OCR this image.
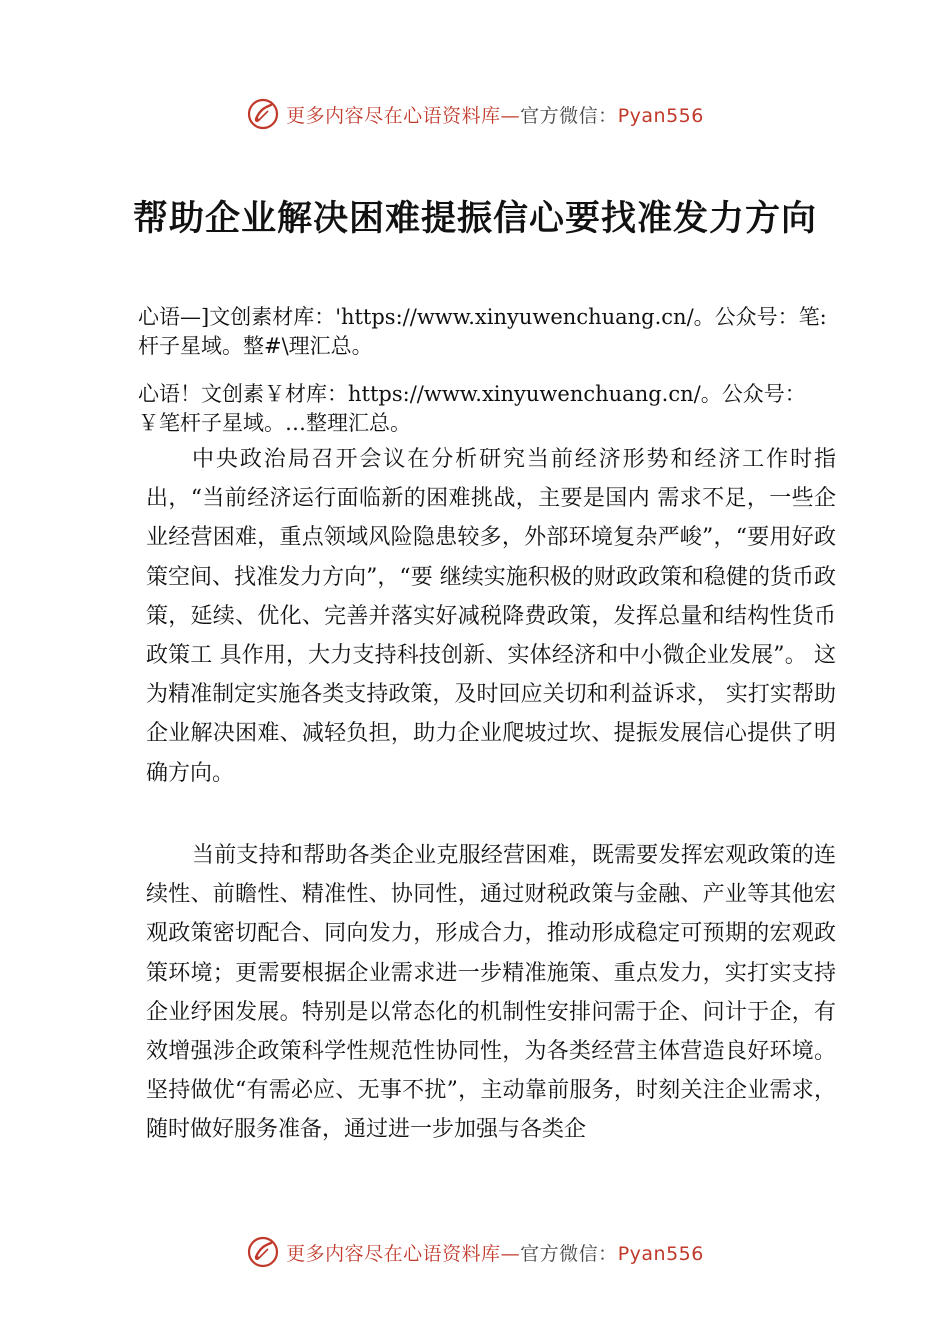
更多内容尽在心语资料库—官方微信：Pyan556
帮助企业解决困难提振信心要找准发力方向
心语—]文创素材库：'https://www.xinyuwenchuang.cn/。公众号：笔:杆子星域。整#\理汇总。
心语！文创素￥材库：https://www.xinyuwenchuang.cn/。公众号：￥笔杆子星域。…整理汇总。
中央政治局召开会议在分析研究当前经济形势和经济工作时指出，“当前经济运行面临新的困难挑战，主要是国内 需求不足，一些企业经营困难，重点领域风险隐患较多，外部环境复杂严峻”，“要用好政策空间、找准发力方向”，“要 继续实施积极的财政政策和稳健的货币政策，延续、优化、完善并落实好减税降费政策，发挥总量和结构性货币政策工 具作用，大力支持科技创新、实体经济和中小微企业发展”。 这为精准制定实施各类支持政策，及时回应关切和利益诉求， 实打实帮助企业解决困难、减轻负担，助力企业爬坡过坎、提振发展信心提供了明确方向。
当前支持和帮助各类企业克服经营困难，既需要发挥宏观政策的连续性、前瞻性、精准性、协同性，通过财税政策与金融、产业等其他宏观政策密切配合、同向发力，形成合力，推动形成稳定可预期的宏观政策环境；更需要根据企业需求进一步精准施策、重点发力，实打实支持企业纾困发展。特别是以常态化的机制性安排问需于企、问计于企，有效增强涉企政策科学性规范性协同性，为各类经营主体营造良好环境。坚持做优“有需必应、无事不扰”，主动靠前服务，时刻关注企业需求，随时做好服务准备，通过进一步加强与各类企
更多内容尽在心语资料库—官方微信：Pyan556
